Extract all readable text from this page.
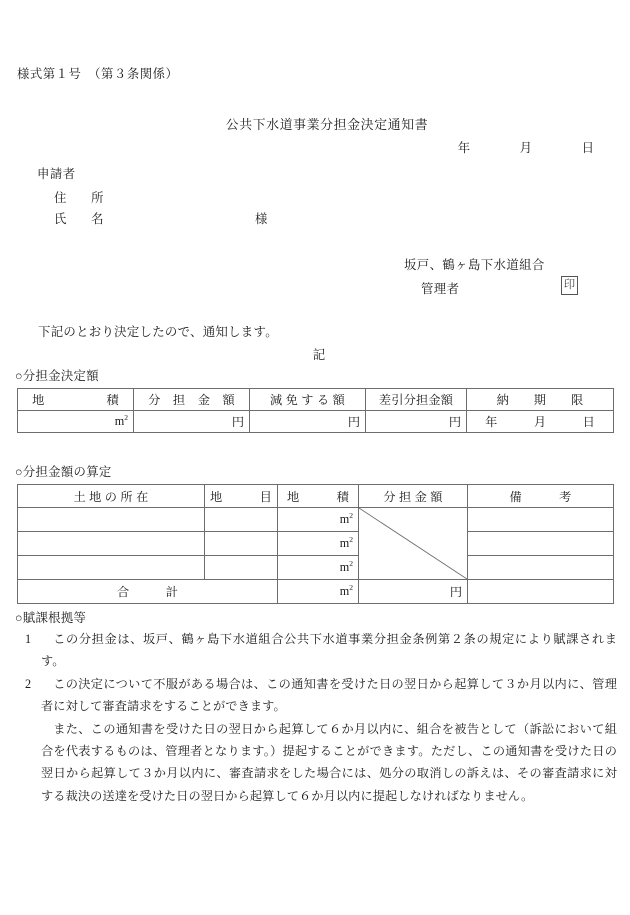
様式第１号　（第３条関係）
公共下水道事業分担金決定通知書
年　　　　月　　　　日
申請者
住　　所
氏　　名	様
坂戸、鶴ヶ島下水道組合
管理者	印
下記のとおり決定したので、通知します。
記
○分担金決定額
地　　　　　積	分　担　金　額	減 免 す る 額	差引分担金額	納　　期　　限
$m^2$	円	円	円	年　　　月　　　日
○分担金額の算定
土 地 の 所 在	地　　　目	地　　　積	分 担 金 額	備　　　考
		$m^2$	

		$m^2$	
		$m^2$	
合　　　計		$m^2$	円	
○賦課根拠等
1	この分担金は、坂戸、鶴ヶ島下水道組合公共下水道事業分担金条例第２条の規定により賦課されます。

2	この決定について不服がある場合は、この通知書を受けた日の翌日から起算して３か月以内に、管理者に対して審査請求をすることができます。

また、この通知書を受けた日の翌日から起算して６か月以内に、組合を被告として（訴訟において組合を代表するものは、管理者となります。）提起することができます。ただし、この通知書を受けた日の翌日から起算して３か月以内に、審査請求をした場合には、処分の取消しの訴えは、その審査請求に対する裁決の送達を受けた日の翌日から起算して６か月以内に提起しなければなりません。
